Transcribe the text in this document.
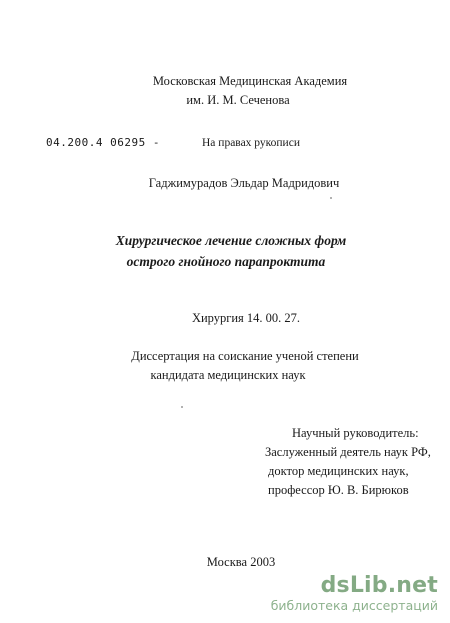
Московская Медицинская Академия
им. И. М. Сеченова
04.200.4 06295 -	На правах рукописи
Гаджимурадов Эльдар Мадридович
Хирургическое лечение сложных форм
острого гнойного парапроктита
Хирургия 14. 00. 27.
Диссертация на соискание ученой степени
кандидата медицинских наук
Научный руководитель:
Заслуженный деятель наук РФ,
доктор медицинских наук,
профессор Ю. В. Бирюков
Москва 2003
dsLib.net
библиотека диссертаций
